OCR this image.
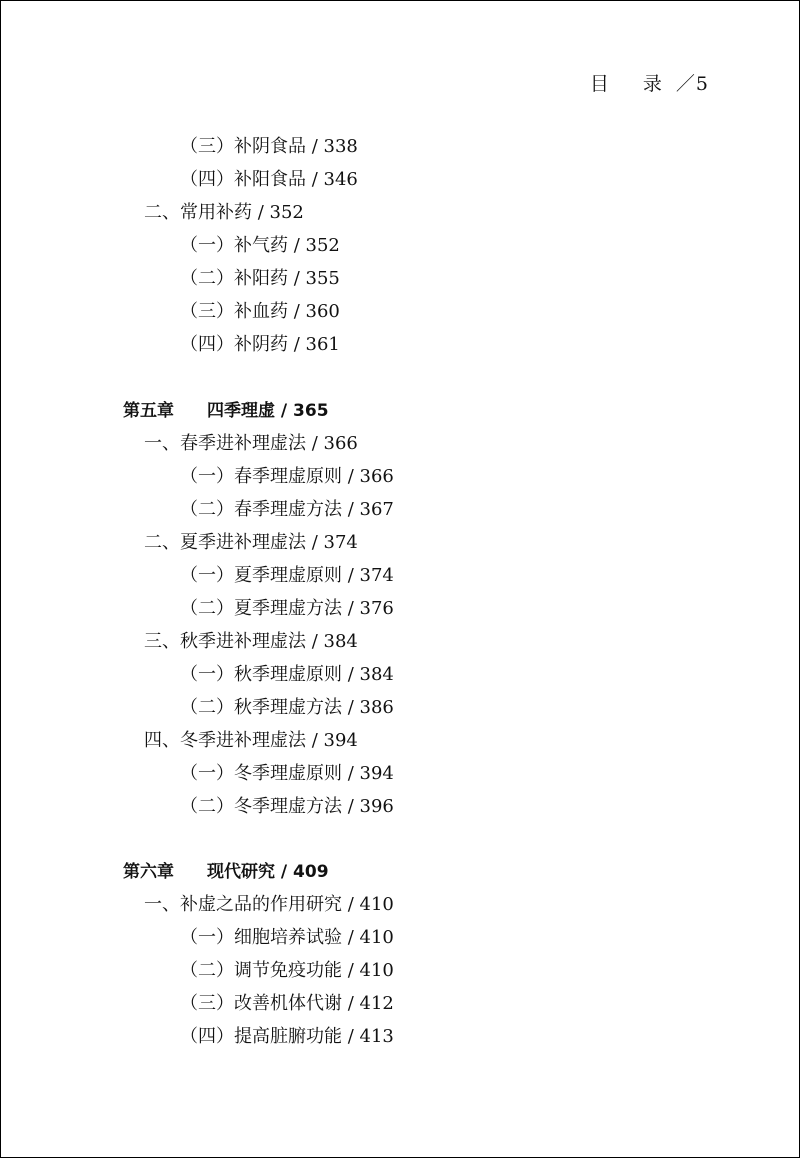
目 录／5
（三）补阴食品 / 338
（四）补阳食品 / 346
二、常用补药 / 352
（一）补气药 / 352
（二）补阳药 / 355
（三）补血药 / 360
（四）补阴药 / 361
第五章 四季理虚 / 365
一、春季进补理虚法 / 366
（一）春季理虚原则 / 366
（二）春季理虚方法 / 367
二、夏季进补理虚法 / 374
（一）夏季理虚原则 / 374
（二）夏季理虚方法 / 376
三、秋季进补理虚法 / 384
（一）秋季理虚原则 / 384
（二）秋季理虚方法 / 386
四、冬季进补理虚法 / 394
（一）冬季理虚原则 / 394
（二）冬季理虚方法 / 396
第六章 现代研究 / 409
一、补虚之品的作用研究 / 410
（一）细胞培养试验 / 410
（二）调节免疫功能 / 410
（三）改善机体代谢 / 412
（四）提高脏腑功能 / 413
